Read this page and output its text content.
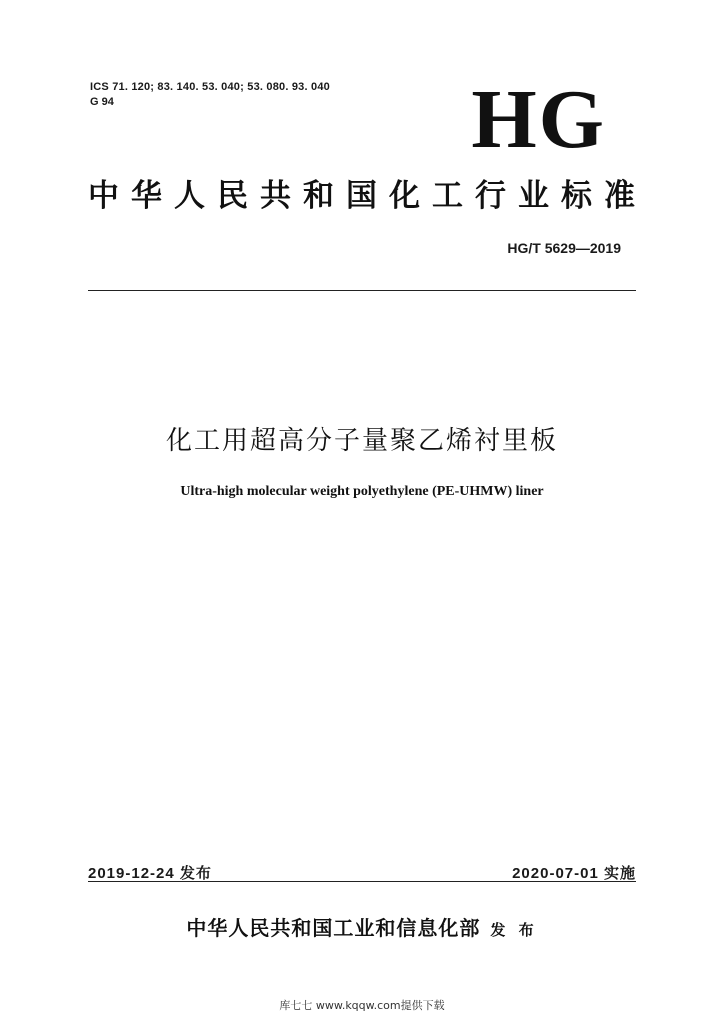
ICS 71. 120; 83. 140. 53. 040; 53. 080. 93. 040
G 94	HG
中华人民共和国化工行业标准
HG/T 5629—2019
化工用超高分子量聚乙烯衬里板
Ultra-high molecular weight polyethylene (PE-UHMW) liner
2019-12-24 发布	2020-07-01 实施
中华人民共和国工业和信息化部 发 布
库七七 www.kqqw.com提供下载
